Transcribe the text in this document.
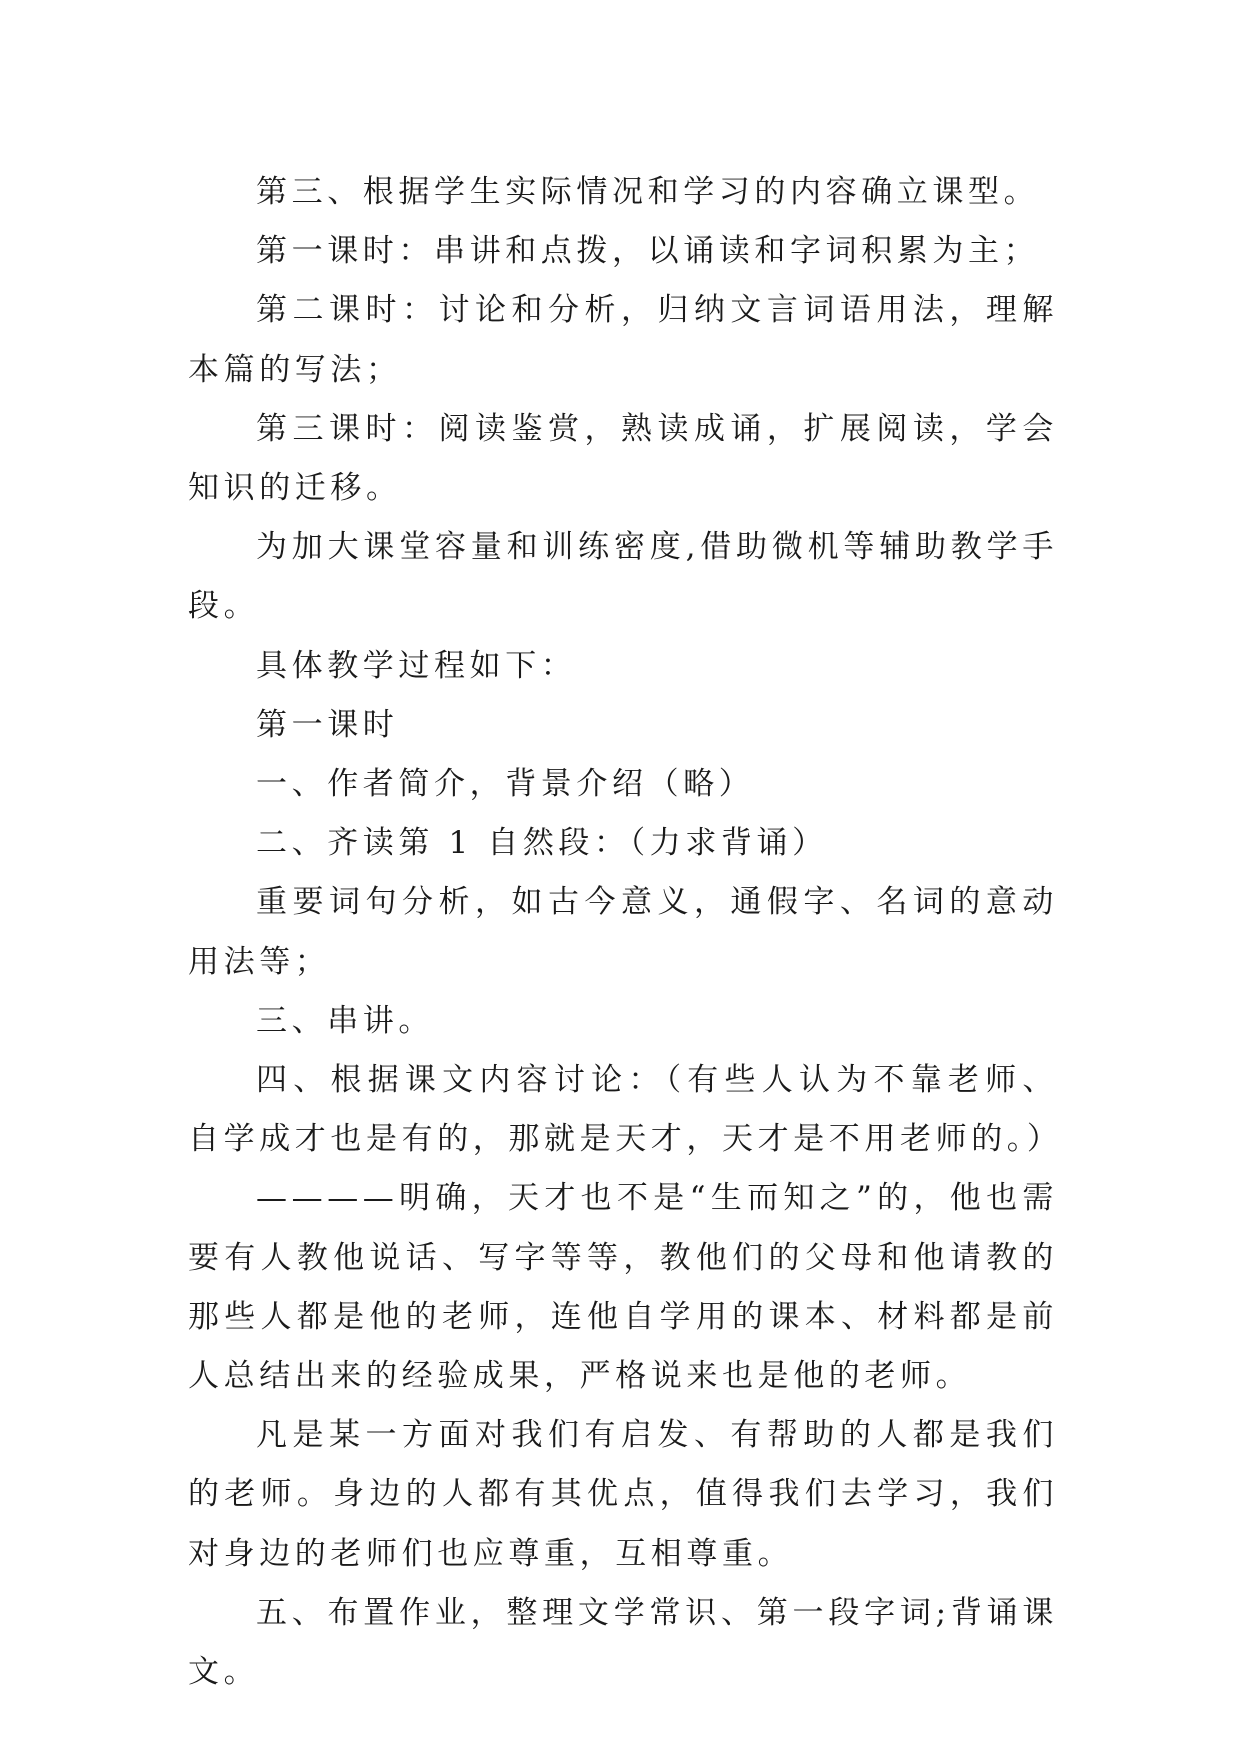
第三、根据学生实际情况和学习的内容确立课型。

第一课时：串讲和点拨，以诵读和字词积累为主；

第二课时：讨论和分析，归纳文言词语用法，理解本篇的写法；

第三课时：阅读鉴赏，熟读成诵，扩展阅读，学会知识的迁移。

为加大课堂容量和训练密度,借助微机等辅助教学手段。

具体教学过程如下：

第一课时

一、作者简介，背景介绍（略）

二、齐读第 1 自然段：（力求背诵）

重要词句分析，如古今意义，通假字、名词的意动用法等；

三、串讲。

四、根据课文内容讨论：（有些人认为不靠老师、自学成才也是有的，那就是天才，天才是不用老师的。）

————明确，天才也不是“生而知之”的，他也需要有人教他说话、写字等等，教他们的父母和他请教的那些人都是他的老师，连他自学用的课本、材料都是前人总结出来的经验成果，严格说来也是他的老师。

凡是某一方面对我们有启发、有帮助的人都是我们的老师。身边的人都有其优点，值得我们去学习，我们对身边的老师们也应尊重，互相尊重。

五、布置作业，整理文学常识、第一段字词;背诵课文。
